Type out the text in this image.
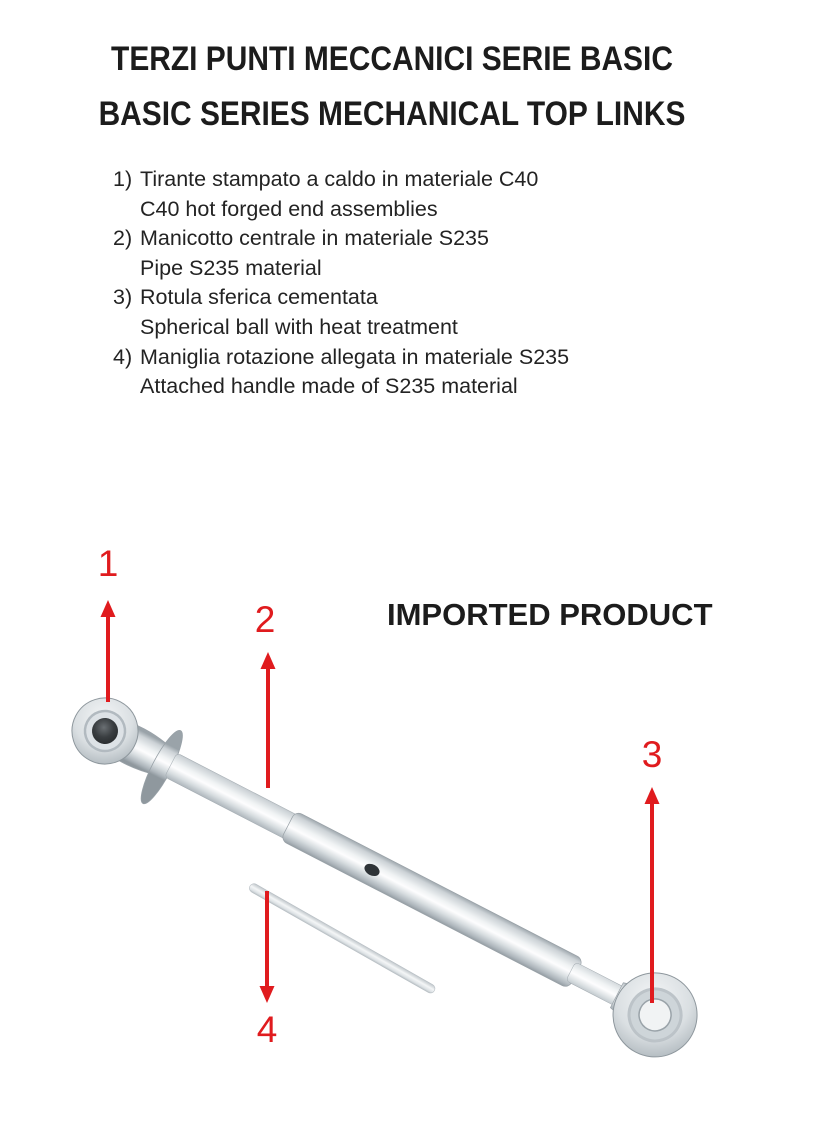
TERZI PUNTI MECCANICI SERIE BASIC
BASIC SERIES MECHANICAL TOP LINKS
1) Tirante stampato a caldo in materiale C40
C40 hot forged end assemblies
2) Manicotto centrale in materiale S235
Pipe S235 material
3) Rotula sferica cementata
Spherical ball with heat treatment
4) Maniglia rotazione allegata in materiale S235
Attached handle made of S235 material
IMPORTED PRODUCT
1
2
3
4
